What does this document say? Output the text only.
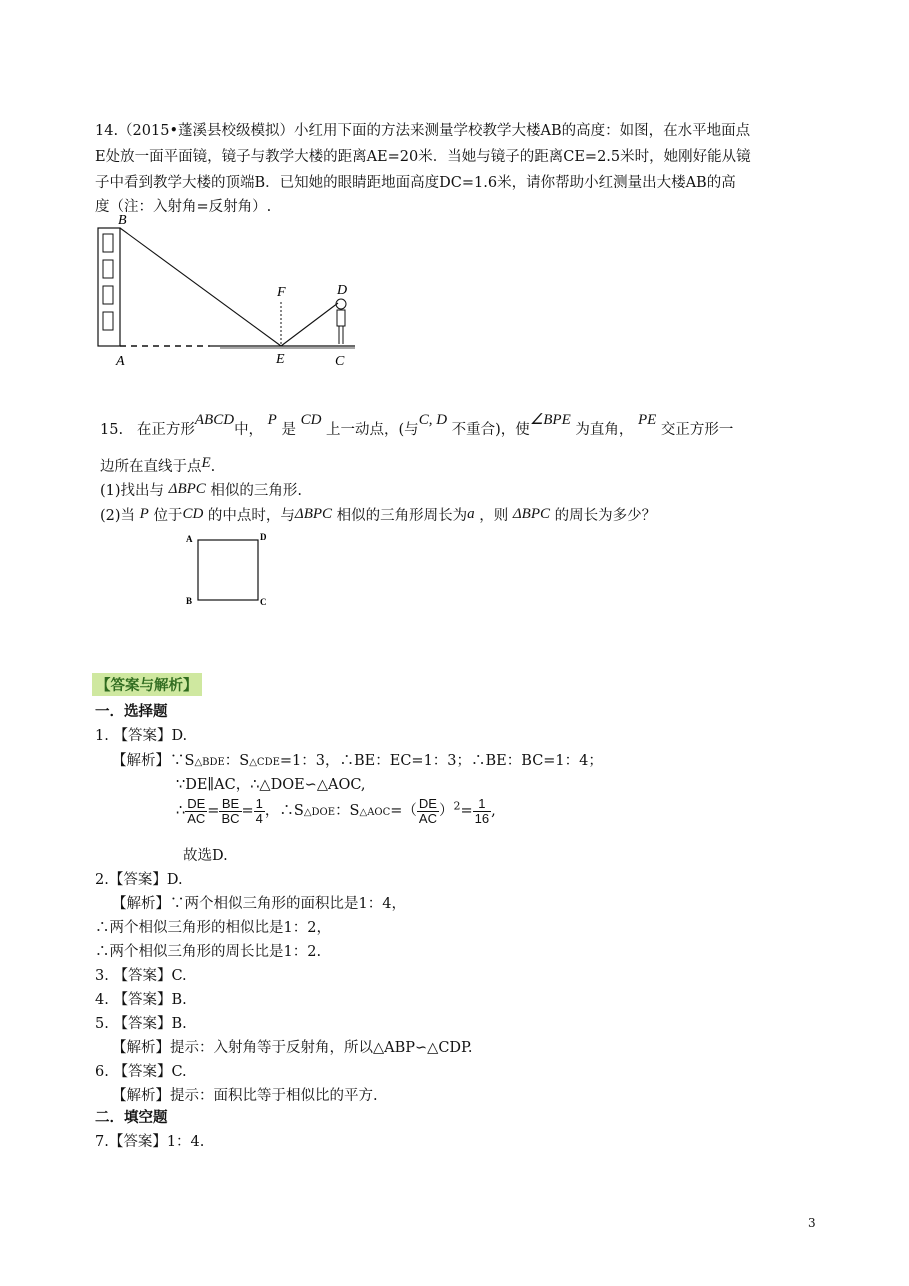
14.（2015•蓬溪县校级模拟）小红用下面的方法来测量学校教学大楼AB的高度：如图，在水平地面点
E处放一面平面镜，镜子与教学大楼的距离AE=20米．当她与镜子的距离CE=2.5米时，她刚好能从镜
子中看到教学大楼的顶端B．已知她的眼睛距地面高度DC=1.6米，请你帮助小红测量出大楼AB的高
度（注：入射角=反射角）.
B
A
F	D
E	C
15. 在正方形ABCD中， P 是 CD 上一动点，(与C, D 不重合)，使∠BPE 为直角， PE 交正方形一
边所在直线于点E.
(1)找出与 ΔBPC 相似的三角形.
(2)当 P 位于CD 的中点时，与ΔBPC 相似的三角形周长为a ，则 ΔBPC 的周长为多少？
A	D
B	C
【答案与解析】
一．选择题
1. 【答案】D.
【解析】∵S△BDE：S△CDE=1：3，∴BE：EC=1：3；∴BE：BC=1：4；
∵DE∥AC，∴△DOE∽△AOC,
∴ $\frac{DE}{AC} = \frac{BE}{BC} = \frac{1}{4}$ ，∴S△DOE：S△AOC=（ $\frac{DE}{AC} )^2= \frac{1}{16}$ ,
故选D.
2.【答案】D.
【解析】∵两个相似三角形的面积比是1：4，
∴两个相似三角形的相似比是1：2，
∴两个相似三角形的周长比是1：2.
3. 【答案】C.
4. 【答案】B.
5. 【答案】B.
【解析】提示：入射角等于反射角，所以△ABP∽△CDP.
6. 【答案】C.
【解析】提示：面积比等于相似比的平方.
二．填空题
7.【答案】1：4.
3
